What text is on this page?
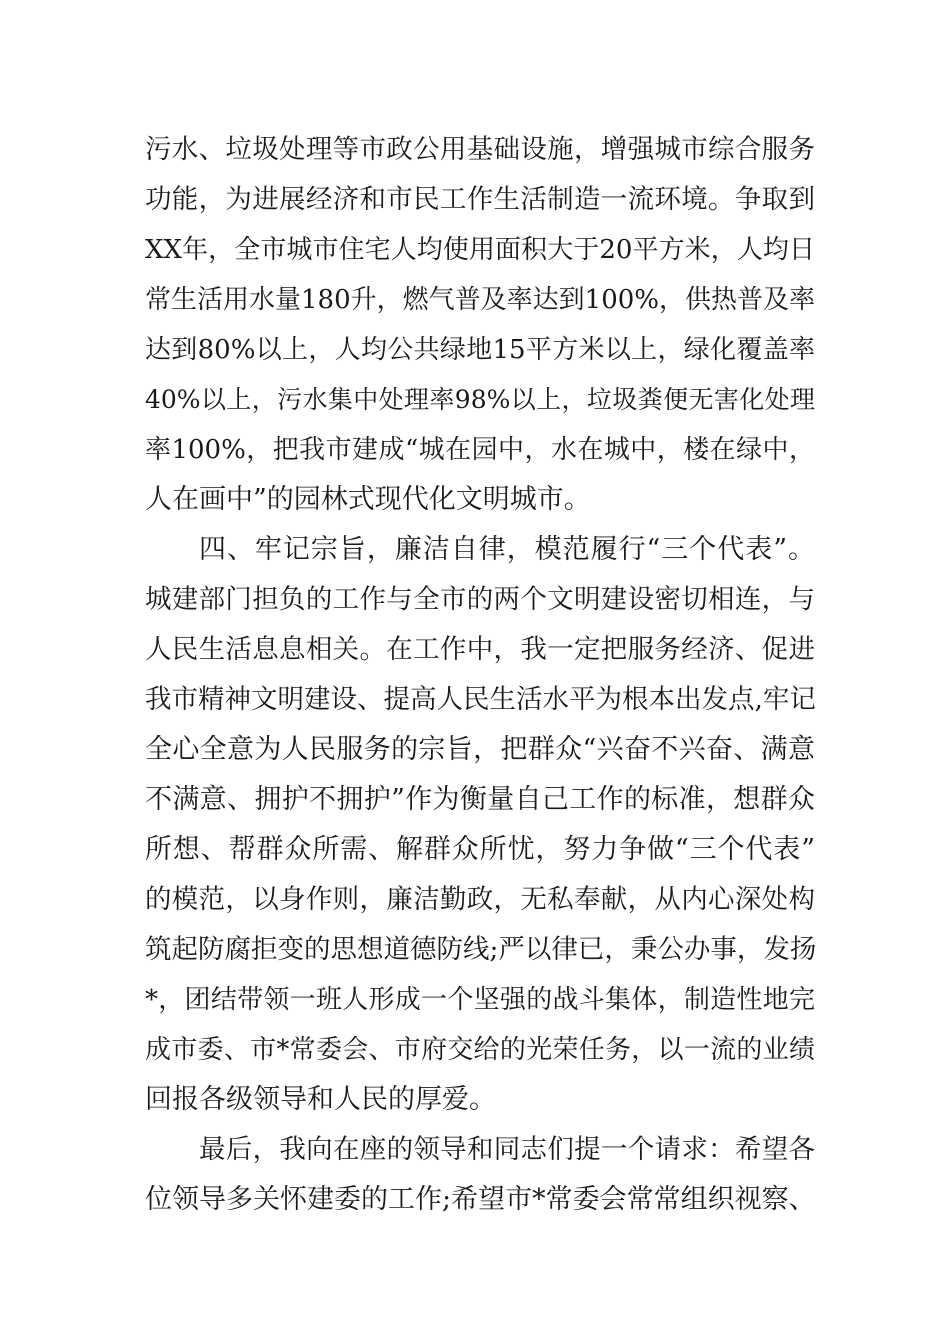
污水、垃圾处理等市政公用基础设施，增强城市综合服务
功能，为进展经济和市民工作生活制造一流环境。争取到
XX年，全市城市住宅人均使用面积大于20平方米，人均日
常生活用水量180升，燃气普及率达到100%，供热普及率
达到80%以上，人均公共绿地15平方米以上，绿化覆盖率
40%以上，污水集中处理率98%以上，垃圾粪便无害化处理
率100%，把我市建成“城在园中，水在城中，楼在绿中，
人在画中”的园林式现代化文明城市。
四、牢记宗旨，廉洁自律，模范履行“三个代表”。
城建部门担负的工作与全市的两个文明建设密切相连，与
人民生活息息相关。在工作中，我一定把服务经济、促进
我市精神文明建设、提高人民生活水平为根本出发点,牢记
全心全意为人民服务的宗旨，把群众“兴奋不兴奋、满意
不满意、拥护不拥护”作为衡量自己工作的标准，想群众
所想、帮群众所需、解群众所忧，努力争做“三个代表”
的模范，以身作则，廉洁勤政，无私奉献，从内心深处构
筑起防腐拒变的思想道德防线;严以律已，秉公办事，发扬
*，团结带领一班人形成一个坚强的战斗集体，制造性地完
成市委、市*常委会、市府交给的光荣任务，以一流的业绩
回报各级领导和人民的厚爱。
最后，我向在座的领导和同志们提一个请求：希望各
位领导多关怀建委的工作;希望市*常委会常常组织视察、
